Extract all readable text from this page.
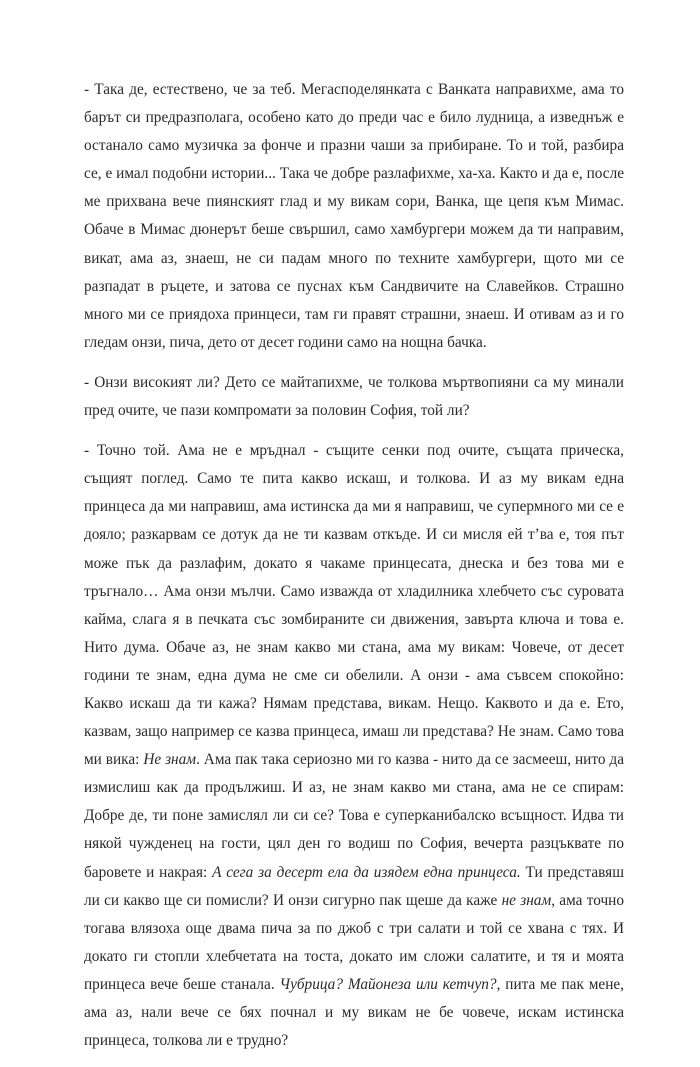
- Така де, естествено, че за теб. Мегасподелянката с Ванката направихме, ама то барът си предразполага, особено като до преди час е било лудница, а изведнъж е останало само музичка за фонче и празни чаши за прибиране. То и той, разбира се, е имал подобни истории... Така че добре разлафихме, ха-ха. Както и да е, после ме прихвана вече пиянският глад и му викам сори, Ванка, ще цепя към Мимас. Обаче в Мимас дюнерът беше свършил, само хамбургери можем да ти направим, викат, ама аз, знаеш, не си падам много по техните хамбургери, щото ми се разпадат в ръцете, и затова се пуснах към Сандвичите на Славейков. Страшно много ми се приядоха принцеси, там ги правят страшни, знаеш. И отивам аз и го гледам онзи, пича, дето от десет години само на нощна бачка.

- Онзи високият ли? Дето се майтапихме, че толкова мъртвопияни са му минали пред очите, че пази компромати за половин София, той ли?

- Точно той. Ама не е мръднал - същите сенки под очите, същата прическа, същият поглед. Само те пита какво искаш, и толкова. И аз му викам една принцеса да ми направиш, ама истинска да ми я направиш, че супермного ми се е дояло; разкарвам се дотук да не ти казвам откъде. И си мисля ей т’ва е, тоя път може пък да разлафим, докато я чакаме принцесата, днеска и без това ми е тръгнало… Ама онзи мълчи. Само изважда от хладилника хлебчето със суровата кайма, слага я в печката със зомбираните си движения, завърта ключа и това е. Нито дума. Обаче аз, не знам какво ми стана, ама му викам: Човече, от десет години те знам, една дума не сме си обелили. А онзи - ама съвсем спокойно: Какво искаш да ти кажа? Нямам представа, викам. Нещо. Каквото и да е. Ето, казвам, защо например се казва принцеса, имаш ли представа? Не знам. Само това ми вика: Не знам. Ама пак така сериозно ми го казва - нито да се засмееш, нито да измислиш как да продължиш. И аз, не знам какво ми стана, ама не се спирам: Добре де, ти поне замислял ли си се? Това е суперканибалско всъщност. Идва ти някой чужденец на гости, цял ден го водиш по София, вечерта разцъквате по баровете и накрая: А сега за десерт ела да изядем една принцеса. Ти представяш ли си какво ще си помисли? И онзи сигурно пак щеше да каже не знам, ама точно тогава влязоха още двама пича за по джоб с три салати и той се хвана с тях. И докато ги стопли хлебчетата на тоста, докато им сложи салатите, и тя и моята принцеса вече беше станала. Чубрица? Майонеза или кетчуп?, пита ме пак мене, ама аз, нали вече се бях почнал и му викам не бе човече, искам истинска принцеса, толкова ли е трудно?
